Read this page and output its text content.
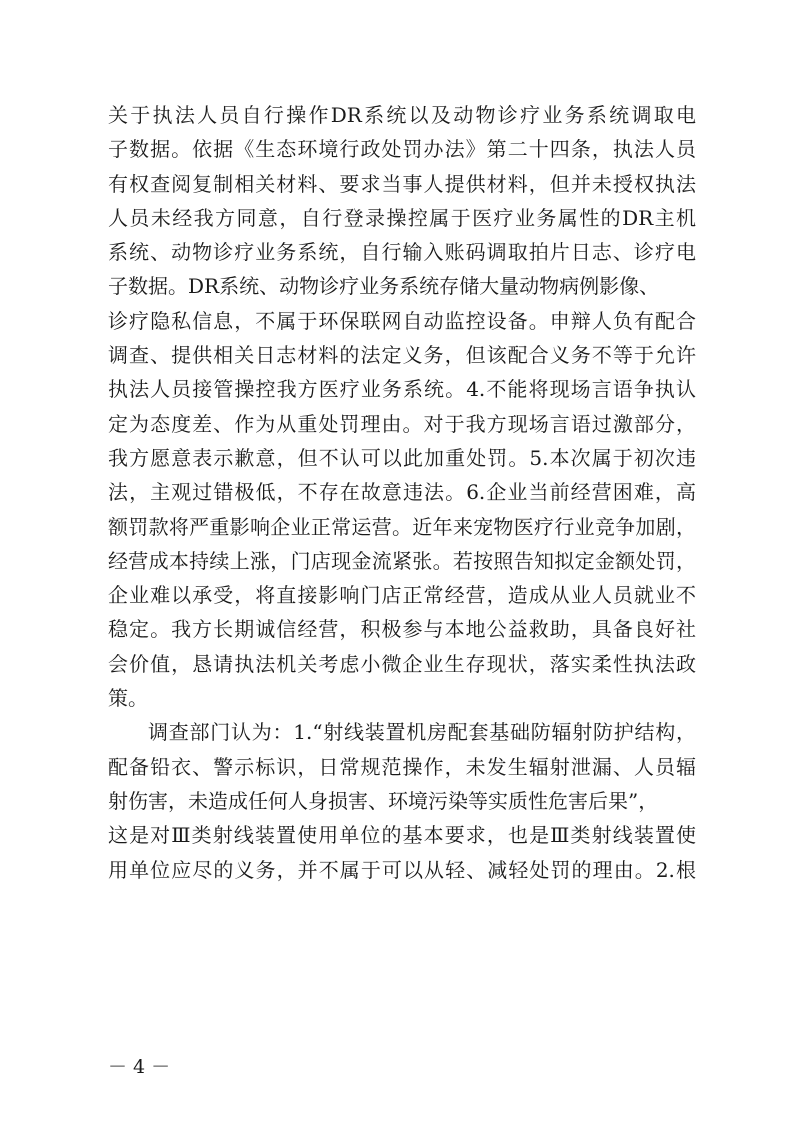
关于执法人员自行操作DR系统以及动物诊疗业务系统调取电
子数据。依据《生态环境行政处罚办法》第二十四条，执法人员
有权查阅复制相关材料、要求当事人提供材料，但并未授权执法
人员未经我方同意，自行登录操控属于医疗业务属性的DR主机
系统、动物诊疗业务系统，自行输入账码调取拍片日志、诊疗电
子数据。DR系统、动物诊疗业务系统存储大量动物病例影像、
诊疗隐私信息，不属于环保联网自动监控设备。申辩人负有配合
调查、提供相关日志材料的法定义务，但该配合义务不等于允许
执法人员接管操控我方医疗业务系统。4.不能将现场言语争执认
定为态度差、作为从重处罚理由。对于我方现场言语过激部分，
我方愿意表示歉意，但不认可以此加重处罚。5.本次属于初次违
法，主观过错极低，不存在故意违法。6.企业当前经营困难，高
额罚款将严重影响企业正常运营。近年来宠物医疗行业竞争加剧，
经营成本持续上涨，门店现金流紧张。若按照告知拟定金额处罚，
企业难以承受，将直接影响门店正常经营，造成从业人员就业不
稳定。我方长期诚信经营，积极参与本地公益救助，具备良好社
会价值，恳请执法机关考虑小微企业生存现状，落实柔性执法政
策。
调查部门认为：1.“射线装置机房配套基础防辐射防护结构，
配备铅衣、警示标识，日常规范操作，未发生辐射泄漏、人员辐
射伤害，未造成任何人身损害、环境污染等实质性危害后果”，
这是对Ⅲ类射线装置使用单位的基本要求，也是Ⅲ类射线装置使
用单位应尽的义务，并不属于可以从轻、减轻处罚的理由。2.根
－ 4 －
